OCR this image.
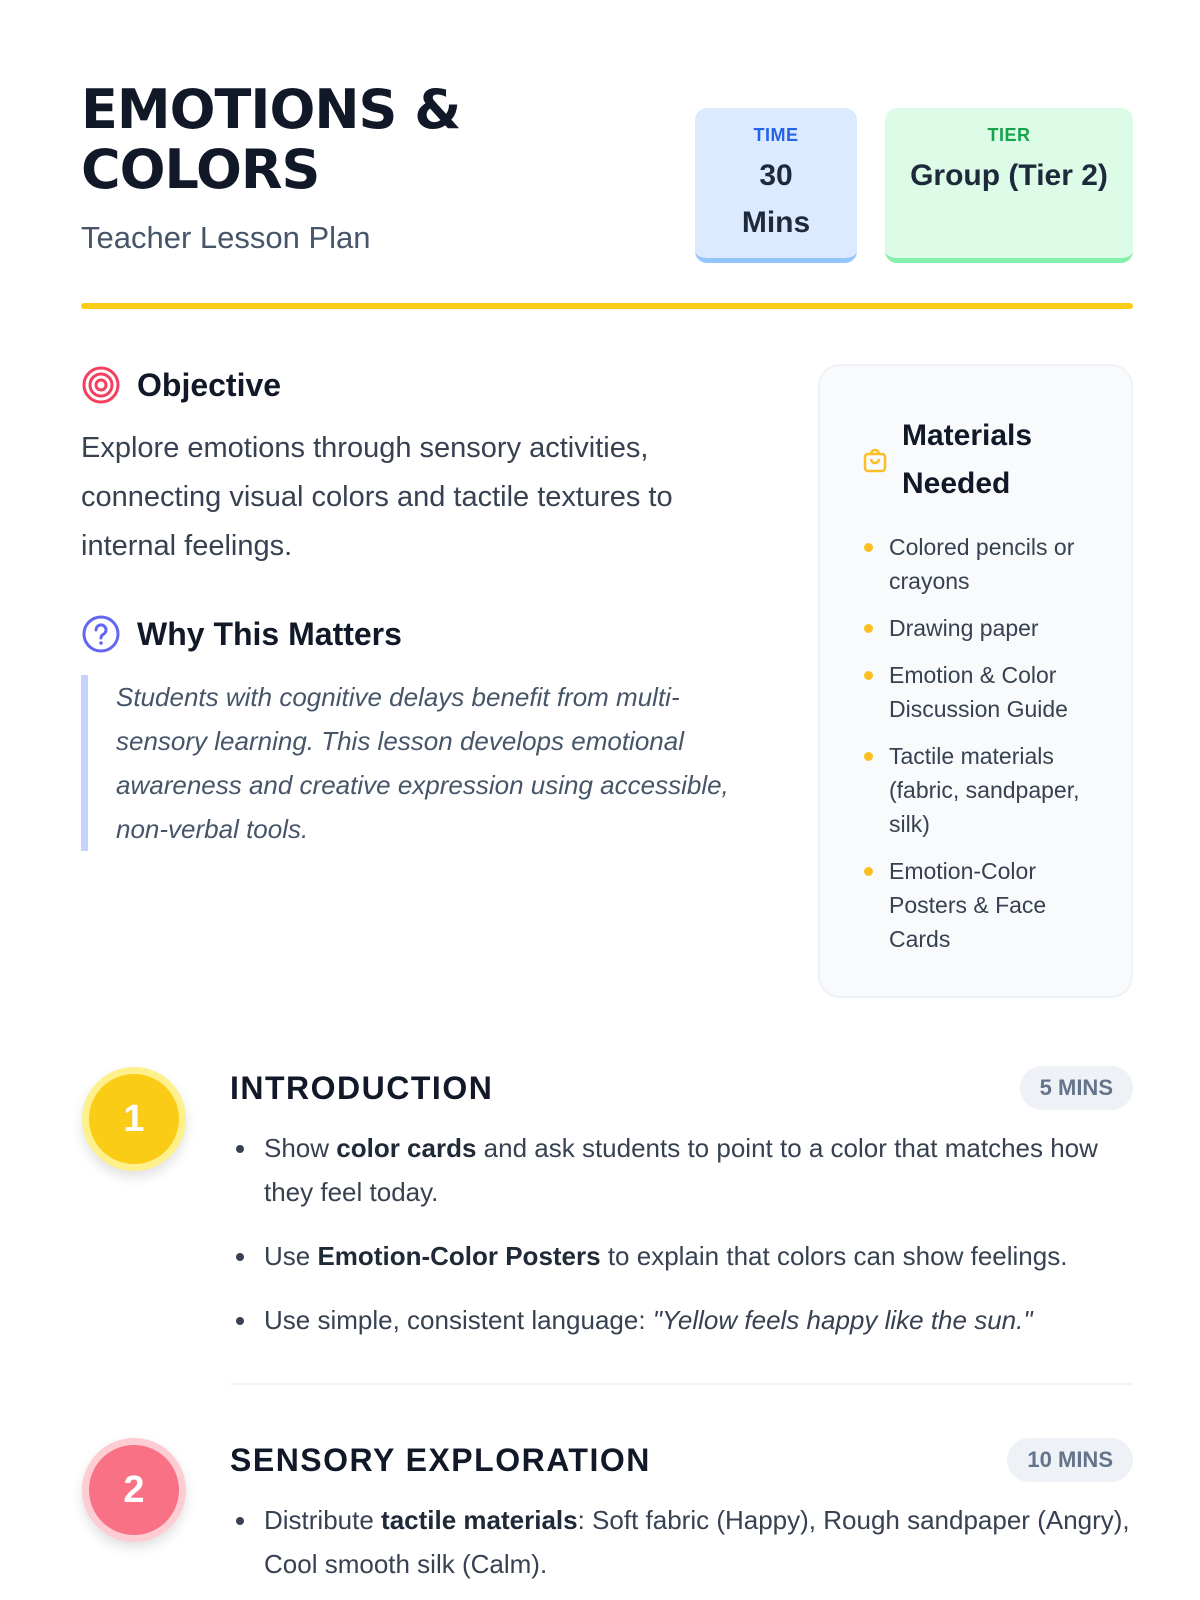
EMOTIONS & COLORS
Teacher Lesson Plan
TIME
30 Mins
TIER
Group (Tier 2)
Objective

Explore emotions through sensory activities, connecting visual colors and tactile textures to internal feelings.

Why This Matters

Students with cognitive delays benefit from multi-sensory learning. This lesson develops emotional awareness and creative expression using accessible, non-verbal tools.

Materials Needed
Colored pencils or crayons
Drawing paper
Emotion & Color Discussion Guide
Tactile materials (fabric, sandpaper, silk)
Emotion-Color Posters & Face Cards
1
INTRODUCTION	5 MINS
Show color cards and ask students to point to a color that matches how they feel today.
Use Emotion-Color Posters to explain that colors can show feelings.
Use simple, consistent language: "Yellow feels happy like the sun."
2
SENSORY EXPLORATION	10 MINS
Distribute tactile materials: Soft fabric (Happy), Rough sandpaper (Angry), Cool smooth silk (Calm).
